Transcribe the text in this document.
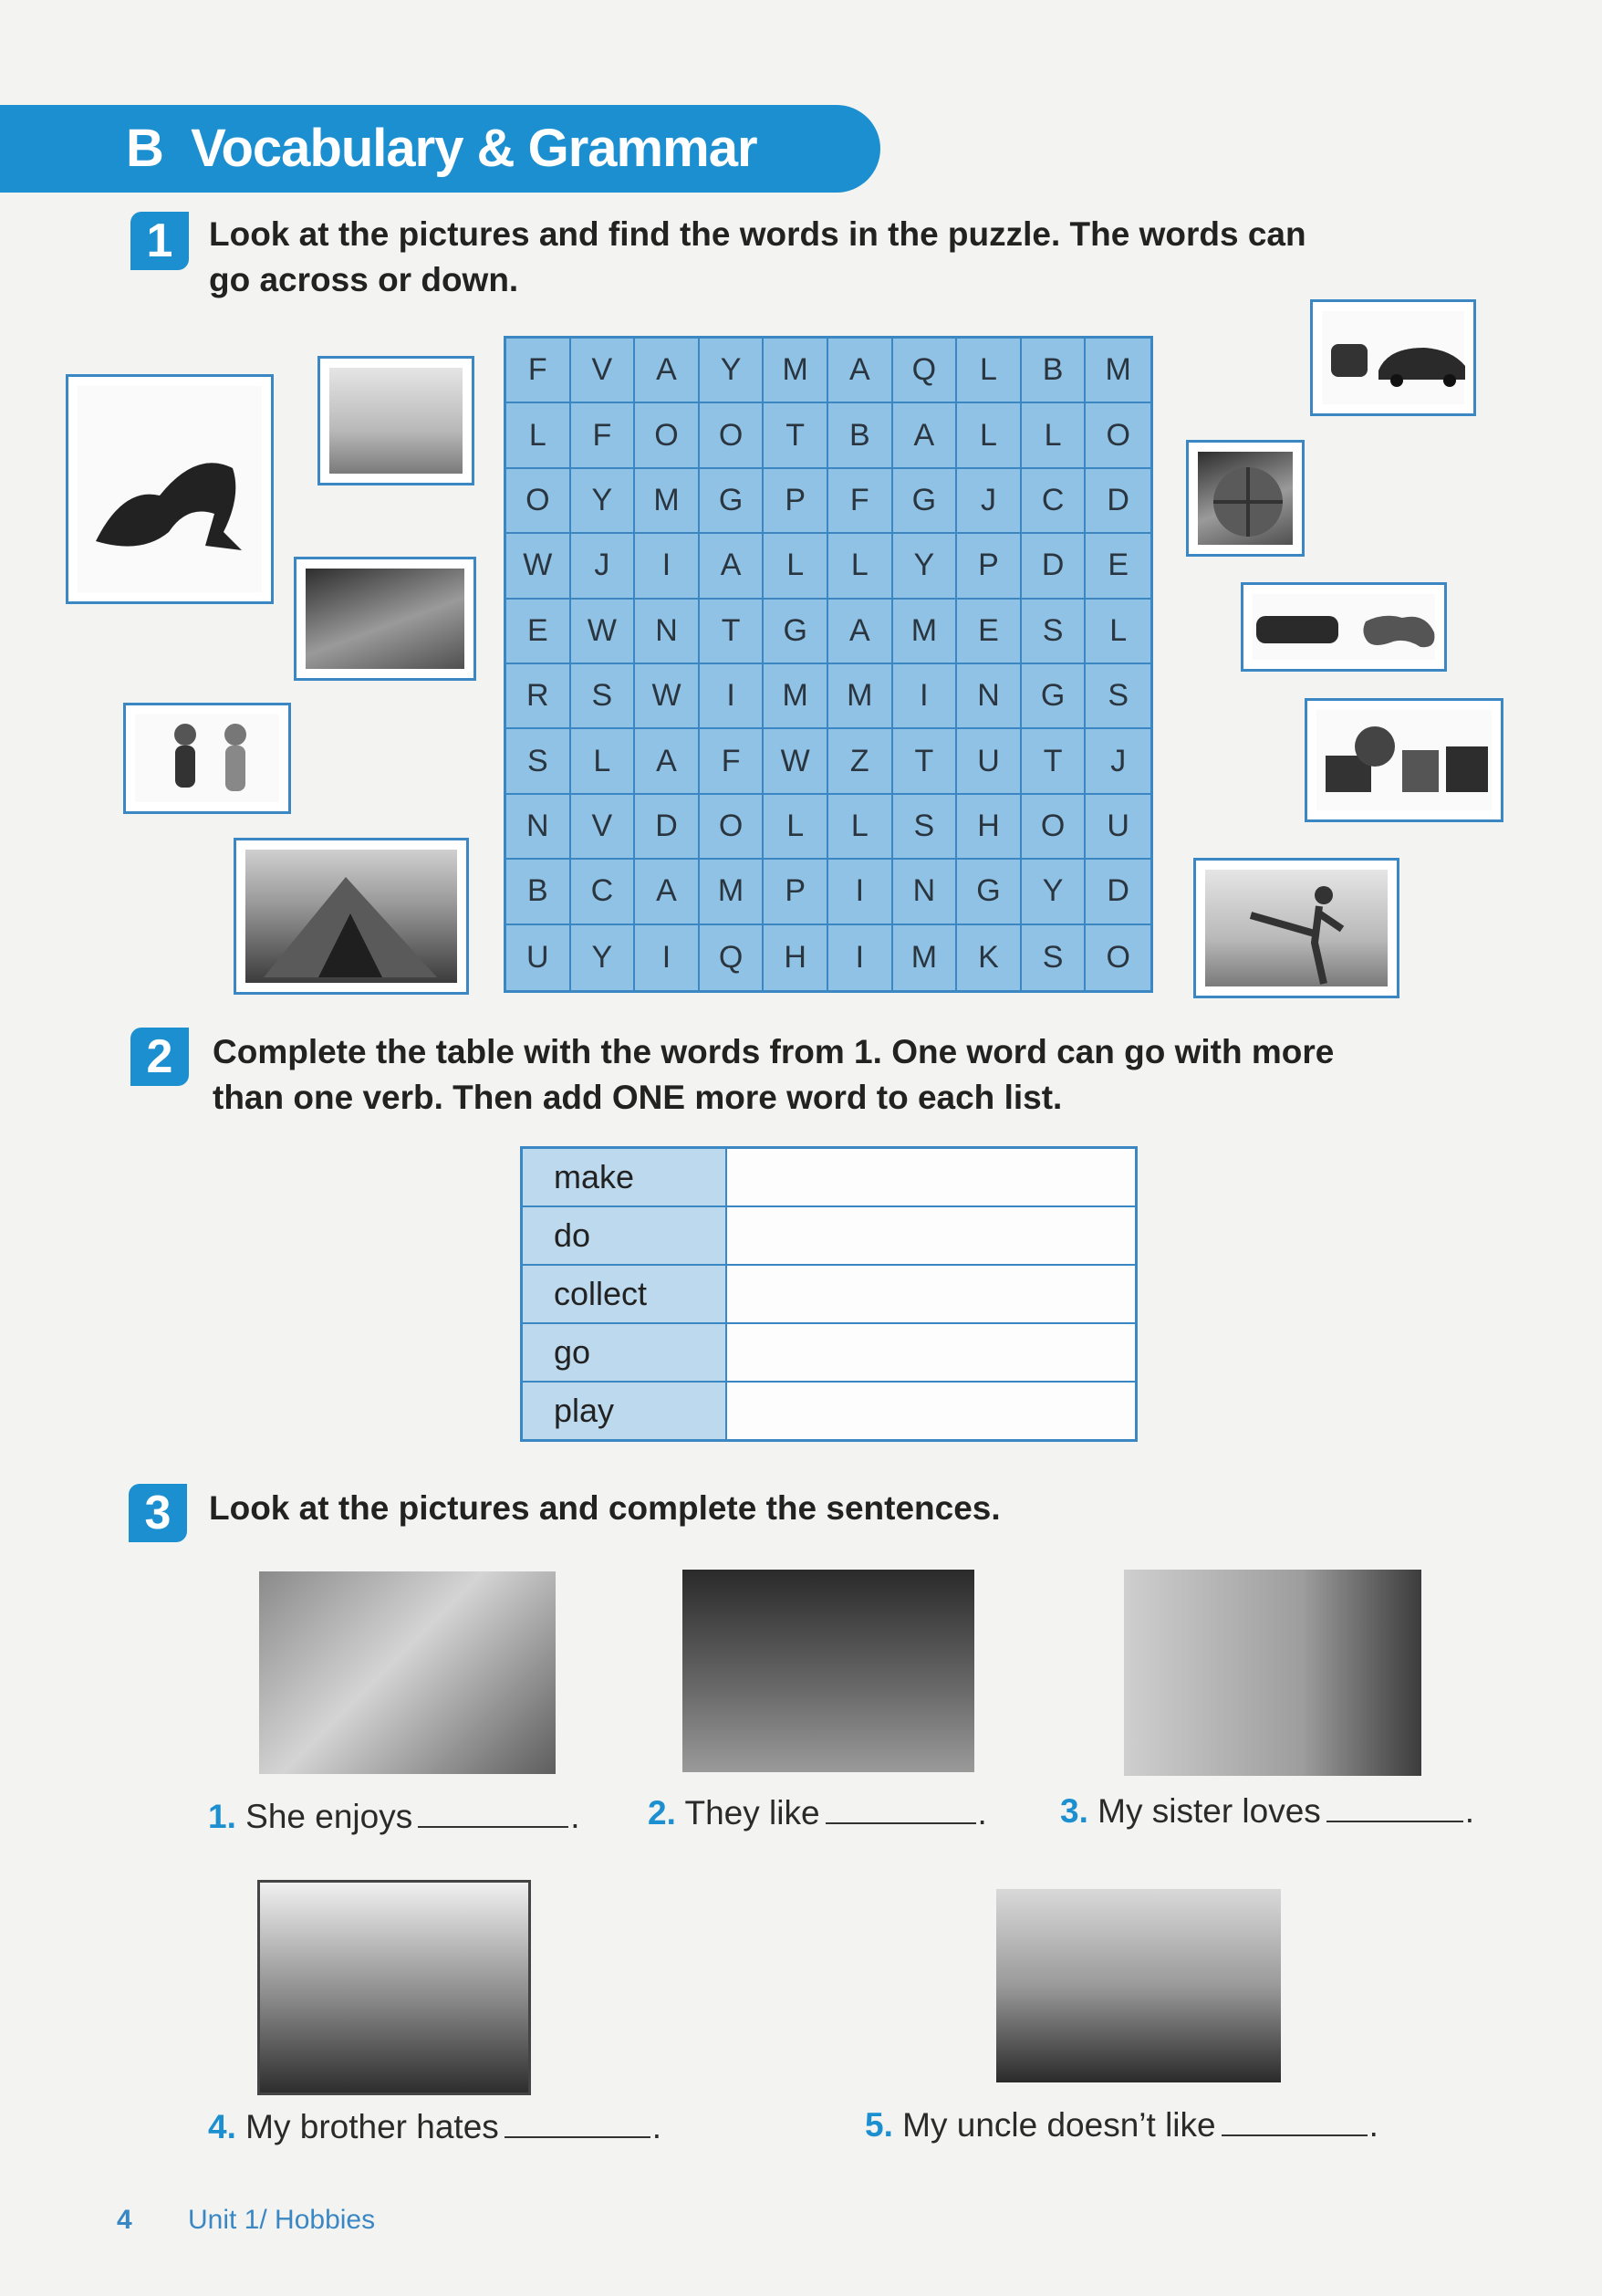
B  Vocabulary & Grammar
1	Look at the pictures and find the words in the puzzle. The words can
go across or down.
F	V	A	Y	M	A	Q	L	B	M
L	F	O	O	T	B	A	L	L	O
O	Y	M	G	P	F	G	J	C	D
W	J	I	A	L	L	Y	P	D	E
E	W	N	T	G	A	M	E	S	L
R	S	W	I	M	M	I	N	G	S
S	L	A	F	W	Z	T	U	T	J
N	V	D	O	L	L	S	H	O	U
B	C	A	M	P	I	N	G	Y	D
U	Y	I	Q	H	I	M	K	S	O
2	Complete the table with the words from 1. One word can go with more
than one verb. Then add ONE more word to each list.
make	
do	
collect	
go	
play	
3	Look at the pictures and complete the sentences.
1. She enjoys	. 2. They like	. 3. My sister loves	.
4. My brother hates	.	5. My uncle doesn’t like	.
4 Unit 1/ Hobbies
